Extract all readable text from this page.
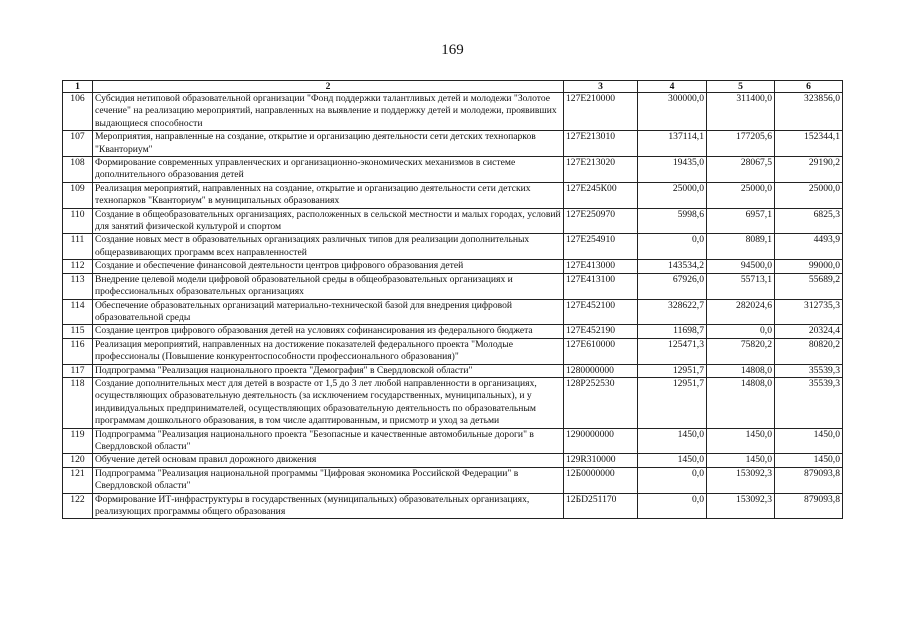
169
1	2	3	4	5	6
106	Субсидия нетиповой образовательной организации "Фонд поддержки талантливых детей и молодежи "Золотое сечение" на реализацию мероприятий, направленных на выявление и поддержку детей и молодежи, проявивших выдающиеся способности	127Е210000	300000,0	311400,0	323856,0
107	Мероприятия, направленные на создание, открытие и организацию деятельности сети детских технопарков "Кванториум"	127Е213010	137114,1	177205,6	152344,1
108	Формирование современных управленческих и организационно-экономических механизмов в системе дополнительного образования детей	127Е213020	19435,0	28067,5	29190,2
109	Реализация мероприятий, направленных на создание, открытие и организацию деятельности сети детских технопарков "Кванториум" в муниципальных образованиях	127Е245К00	25000,0	25000,0	25000,0
110	Создание в общеобразовательных организациях, расположенных в сельской местности и малых городах, условий для занятий физической культурой и спортом	127Е250970	5998,6	6957,1	6825,3
111	Создание новых мест в образовательных организациях различных типов для реализации дополнительных общеразвивающих программ всех направленностей	127Е254910	0,0	8089,1	4493,9
112	Создание и обеспечение финансовой деятельности центров цифрового образования детей	127Е413000	143534,2	94500,0	99000,0
113	Внедрение целевой модели цифровой образовательной среды в общеобразовательных организациях и профессиональных образовательных организациях	127Е413100	67926,0	55713,1	55689,2
114	Обеспечение образовательных организаций материально-технической базой для внедрения цифровой образовательной среды	127Е452100	328622,7	282024,6	312735,3
115	Создание центров цифрового образования детей на условиях софинансирования из федерального бюджета	127Е452190	11698,7	0,0	20324,4
116	Реализация мероприятий, направленных на достижение показателей федерального проекта "Молодые профессионалы (Повышение конкурентоспособности профессионального образования)"	127Е610000	125471,3	75820,2	80820,2
117	Подпрограмма "Реализация национального проекта "Демография" в Свердловской области"	1280000000	12951,7	14808,0	35539,3
118	Создание дополнительных мест для детей в возрасте от 1,5 до 3 лет любой направленности в организациях, осуществляющих образовательную деятельность (за исключением государственных, муниципальных), и у индивидуальных предпринимателей, осуществляющих образовательную деятельность по образовательным программам дошкольного образования, в том числе адаптированным, и присмотр и уход за детьми	128Р252530	12951,7	14808,0	35539,3
119	Подпрограмма "Реализация национального проекта "Безопасные и качественные автомобильные дороги" в Свердловской области"	1290000000	1450,0	1450,0	1450,0
120	Обучение детей основам правил дорожного движения	129R310000	1450,0	1450,0	1450,0
121	Подпрограмма "Реализация национальной программы "Цифровая экономика Российской Федерации" в Свердловской области"	12Б0000000	0,0	153092,3	879093,8
122	Формирование ИТ-инфраструктуры в государственных (муниципальных) образовательных организациях, реализующих программы общего образования	12БD251170	0,0	153092,3	879093,8
